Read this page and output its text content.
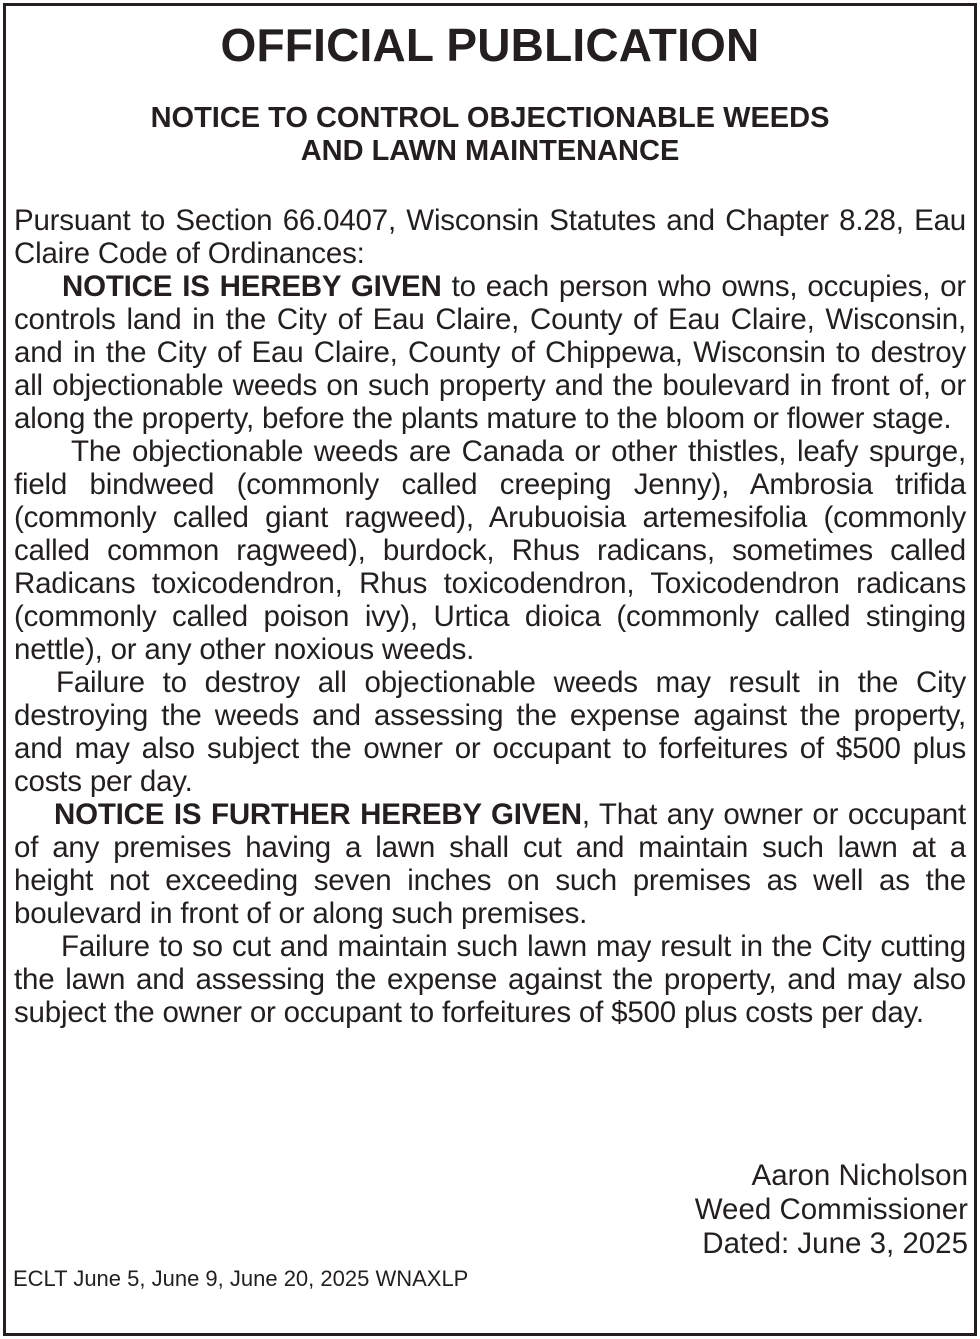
OFFICIAL PUBLICATION
NOTICE TO CONTROL OBJECTIONABLE WEEDS
AND LAWN MAINTENANCE

Pursuant to Section 66.0407, Wisconsin Statutes and Chapter 8.28, Eau Claire Code of Ordinances:

NOTICE IS HEREBY GIVEN to each person who owns, occupies, or controls land in the City of Eau Claire, County of Eau Claire, Wisconsin, and in the City of Eau Claire, County of Chippewa, Wisconsin to destroy all objectionable weeds on such property and the boulevard in front of, or along the property, before the plants mature to the bloom or flower stage.

The objectionable weeds are Canada or other thistles, leafy spurge, field bindweed (commonly called creeping Jenny), Ambrosia trifida (commonly called giant ragweed), Arubuoisia artemesifolia (commonly called common ragweed), burdock, Rhus radicans, sometimes called Radicans toxicodendron, Rhus toxicodendron, Toxicodendron radicans (commonly called poison ivy), Urtica dioica (commonly called stinging nettle), or any other noxious weeds.

Failure to destroy all objectionable weeds may result in the City destroying the weeds and assessing the expense against the property, and may also subject the owner or occupant to forfeitures of $500 plus costs per day.

NOTICE IS FURTHER HEREBY GIVEN, That any owner or occupant of any premises having a lawn shall cut and maintain such lawn at a height not exceeding seven inches on such premises as well as the boulevard in front of or along such premises.

Failure to so cut and maintain such lawn may result in the City cutting the lawn and assessing the expense against the property, and may also subject the owner or occupant to forfeitures of $500 plus costs per day.

Aaron Nicholson
Weed Commissioner
Dated: June 3, 2025
ECLT June 5, June 9, June 20, 2025 WNAXLP
